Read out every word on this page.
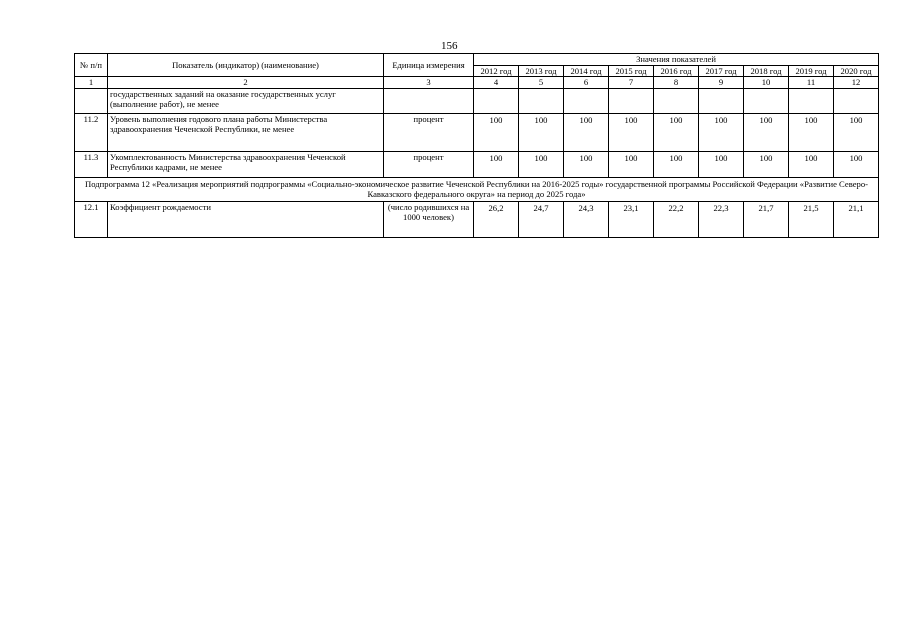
156
№ п/п	Показатель (индикатор) (наименование)	Единица измерения	Значения показателей								
			2012 год	2013 год	2014 год	2015 год	2016 год	2017 год	2018 год	2019 год	2020 год
1	2	3	4	5	6	7	8	9	10	11	12
	государственных заданий на оказание государственных услуг (выполнение работ), не менее										
11.2	Уровень выполнения годового плана работы Министерства здравоохранения Чеченской Республики, не менее	процент	100	100	100	100	100	100	100	100	100
11.3	Укомплектованность Министерства здравоохранения Чеченской Республики кадрами, не менее	процент	100	100	100	100	100	100	100	100	100
Подпрограмма 12 «Реализация мероприятий подпрограммы «Социально-экономическое развитие Чеченской Республики на 2016-2025 годы» государственной программы Российской Федерации «Развитие Северо-Кавказского федерального округа» на период до 2025 года»											
12.1	Коэффициент рождаемости	(число родившихся на 1000 человек)	26,2	24,7	24,3	23,1	22,2	22,3	21,7	21,5	21,1
